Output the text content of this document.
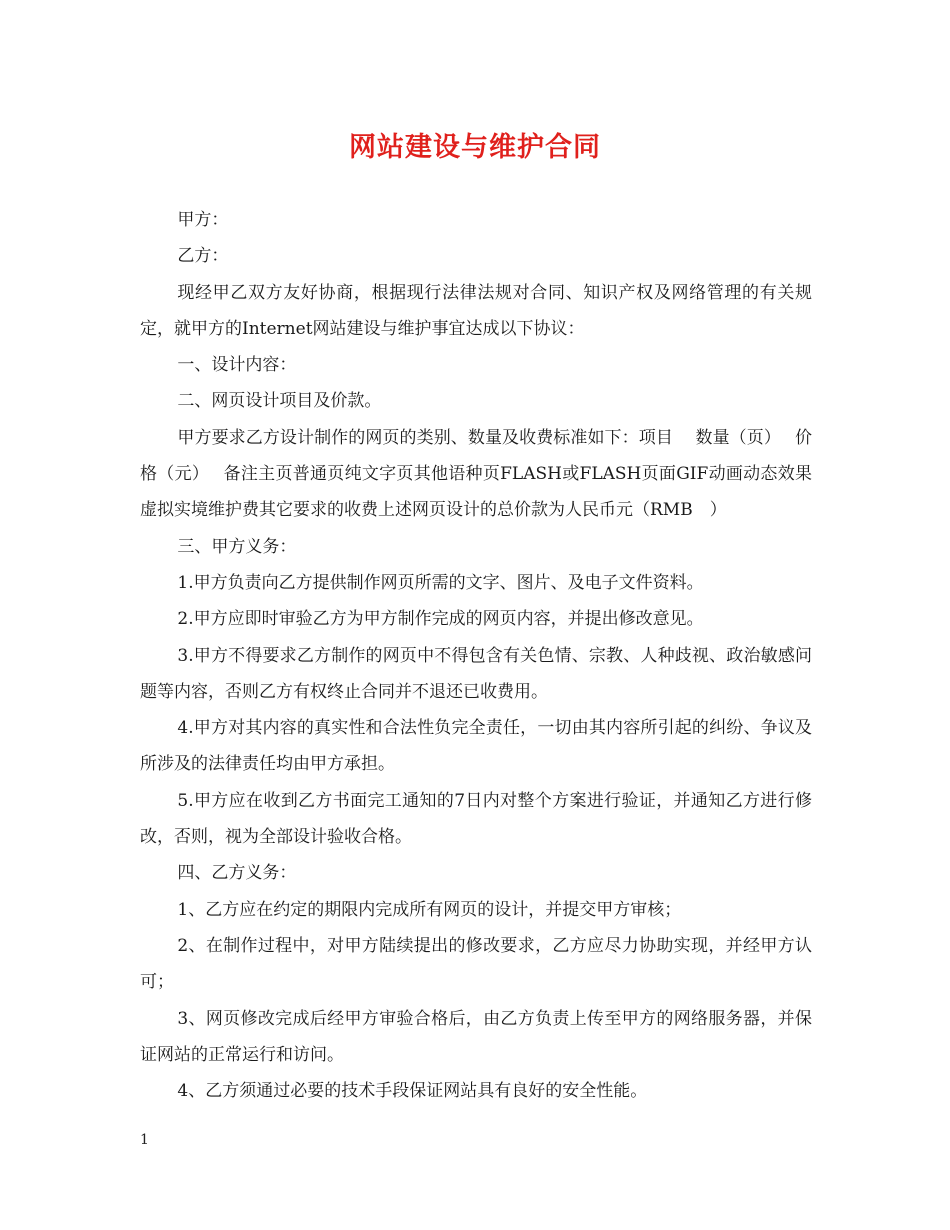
网站建设与维护合同

甲方：

乙方：

现经甲乙双方友好协商，根据现行法律法规对合同、知识产权及网络管理的有关规定，就甲方的Internet网站建设与维护事宜达成以下协议：

一、设计内容：

二、网页设计项目及价款。

甲方要求乙方设计制作的网页的类别、数量及收费标准如下：项目　 数量（页）　 价格（元）　 备注主页普通页纯文字页其他语种页FLASH或FLASH页面GIF动画动态效果虚拟实境维护费其它要求的收费上述网页设计的总价款为人民币元（RMB　）

三、甲方义务：

1.甲方负责向乙方提供制作网页所需的文字、图片、及电子文件资料。

2.甲方应即时审验乙方为甲方制作完成的网页内容，并提出修改意见。

3.甲方不得要求乙方制作的网页中不得包含有关色情、宗教、人种歧视、政治敏感问题等内容，否则乙方有权终止合同并不退还已收费用。

4.甲方对其内容的真实性和合法性负完全责任，一切由其内容所引起的纠纷、争议及所涉及的法律责任均由甲方承担。

5.甲方应在收到乙方书面完工通知的7日内对整个方案进行验证，并通知乙方进行修改，否则，视为全部设计验收合格。

四、乙方义务：

1、乙方应在约定的期限内完成所有网页的设计，并提交甲方审核；

2、在制作过程中，对甲方陆续提出的修改要求，乙方应尽力协助实现，并经甲方认可；

3、网页修改完成后经甲方审验合格后，由乙方负责上传至甲方的网络服务器，并保证网站的正常运行和访问。

4、乙方须通过必要的技术手段保证网站具有良好的安全性能。

1
